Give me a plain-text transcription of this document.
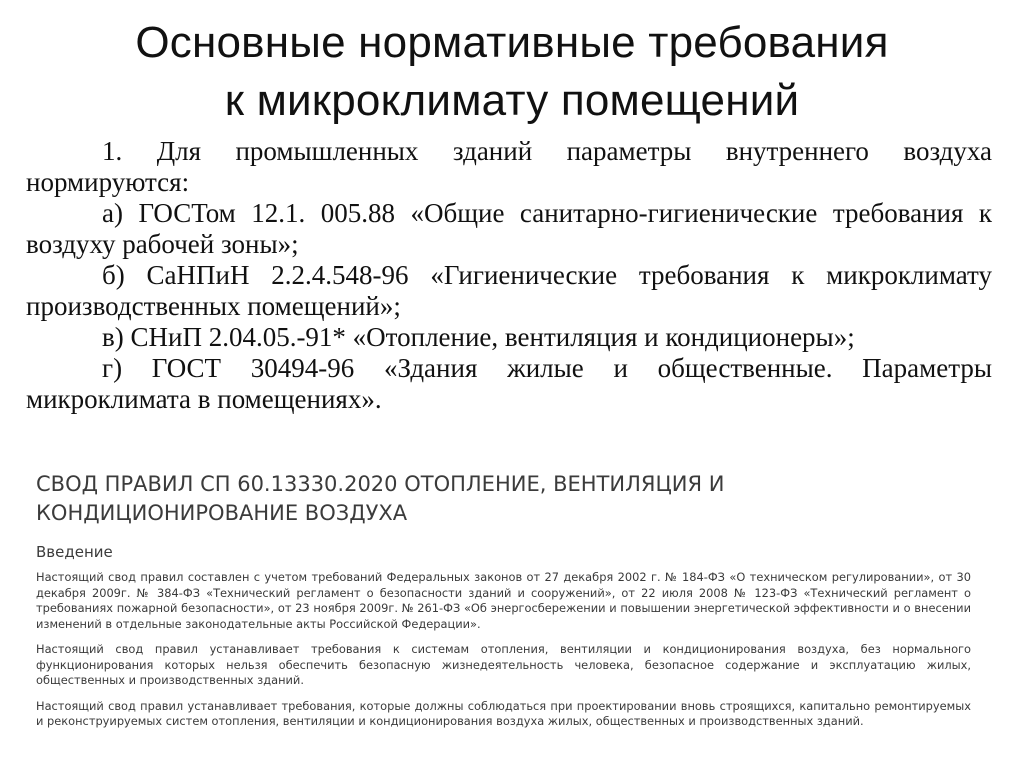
Основные нормативные требования
к микроклимату помещений

1. Для промышленных зданий параметры внутреннего воздуха нормируются:

а) ГОСТом 12.1. 005.88 «Общие санитарно-гигиенические требования к воздуху рабочей зоны»;

б) СаНПиН 2.2.4.548-96 «Гигиенические требования к микроклимату производственных помещений»;

в) СНиП 2.04.05.-91* «Отопление, вентиляция и кондиционеры»;

г) ГОСТ 30494-96 «Здания жилые и общественные. Параметры микроклимата в помещениях».

СВОД ПРАВИЛ СП 60.13330.2020 ОТОПЛЕНИЕ, ВЕНТИЛЯЦИЯ И
КОНДИЦИОНИРОВАНИЕ ВОЗДУХА
Введение

Настоящий свод правил составлен с учетом требований Федеральных законов от 27 декабря 2002 г. № 184-ФЗ «О техническом регулировании», от 30 декабря 2009г. № 384-ФЗ «Технический регламент о безопасности зданий и сооружений», от 22 июля 2008 № 123-ФЗ «Технический регламент о требованиях пожарной безопасности», от 23 ноября 2009г. № 261-ФЗ «Об энергосбережении и повышении энергетической эффективности и о внесении изменений в отдельные законодательные акты Российской Федерации».

Настоящий свод правил устанавливает требования к системам отопления, вентиляции и кондиционирования воздуха, без нормального функционирования которых нельзя обеспечить безопасную жизнедеятельность человека, безопасное содержание и эксплуатацию жилых, общественных и производственных зданий.

Настоящий свод правил устанавливает требования, которые должны соблюдаться при проектировании вновь строящихся, капитально ремонтируемых и реконструируемых систем отопления, вентиляции и кондиционирования воздуха жилых, общественных и производственных зданий.
